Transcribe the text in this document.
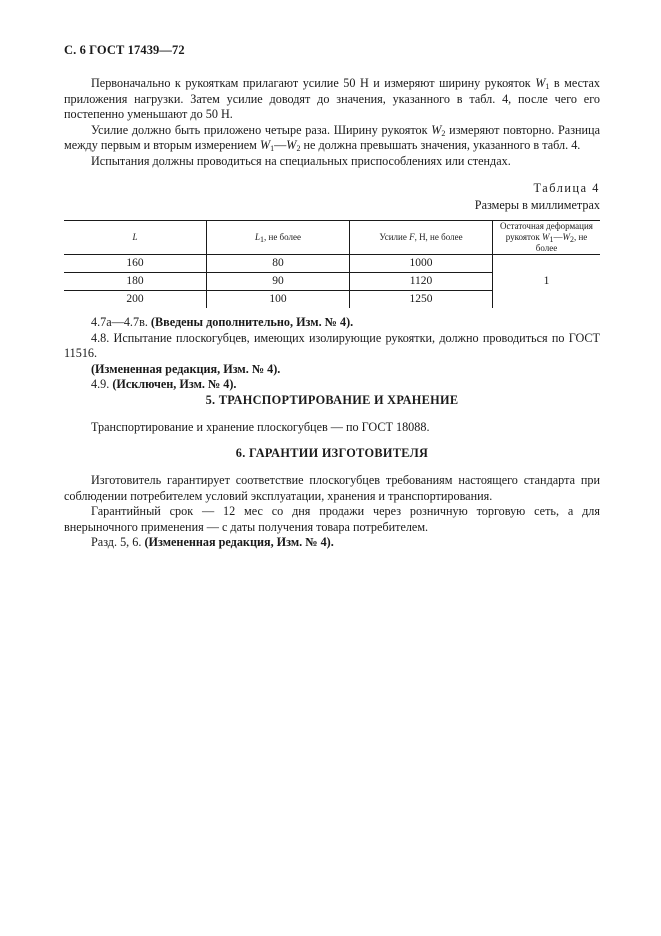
С. 6 ГОСТ 17439—72

Первоначально к рукояткам прилагают усилие 50 Н и измеряют ширину рукояток $W_1$ в местах приложения нагрузки. Затем усилие доводят до значения, указанного в табл. 4, после чего его постепенно уменьшают до 50 Н.

Усилие должно быть приложено четыре раза. Ширину рукояток $W_2$ измеряют повторно. Разница между первым и вторым измерением $W_1—W_2$ не должна превышать значения, указанного в табл. 4.

Испытания должны проводиться на специальных приспособлениях или стендах.

Таблица 4
Размеры в миллиметрах
L	$L_1$, не более	Усилие F, Н, не более	Остаточная деформация рукояток $W_1—W_2$, не более
160	80	1000	1
180	90	1120	
200	100	1250	

4.7а—4.7в. (Введены дополнительно, Изм. № 4).

4.8. Испытание плоскогубцев, имеющих изолирующие рукоятки, должно проводиться по ГОСТ 11516.

(Измененная редакция, Изм. № 4).

4.9. (Исключен, Изм. № 4).

5. ТРАНСПОРТИРОВАНИЕ И ХРАНЕНИЕ

Транспортирование и хранение плоскогубцев — по ГОСТ 18088.

6. ГАРАНТИИ ИЗГОТОВИТЕЛЯ

Изготовитель гарантирует соответствие плоскогубцев требованиям настоящего стандарта при соблюдении потребителем условий эксплуатации, хранения и транспортирования.

Гарантийный срок — 12 мес со дня продажи через розничную торговую сеть, а для внерыночного применения — с даты получения товара потребителем.

Разд. 5, 6. (Измененная редакция, Изм. № 4).
